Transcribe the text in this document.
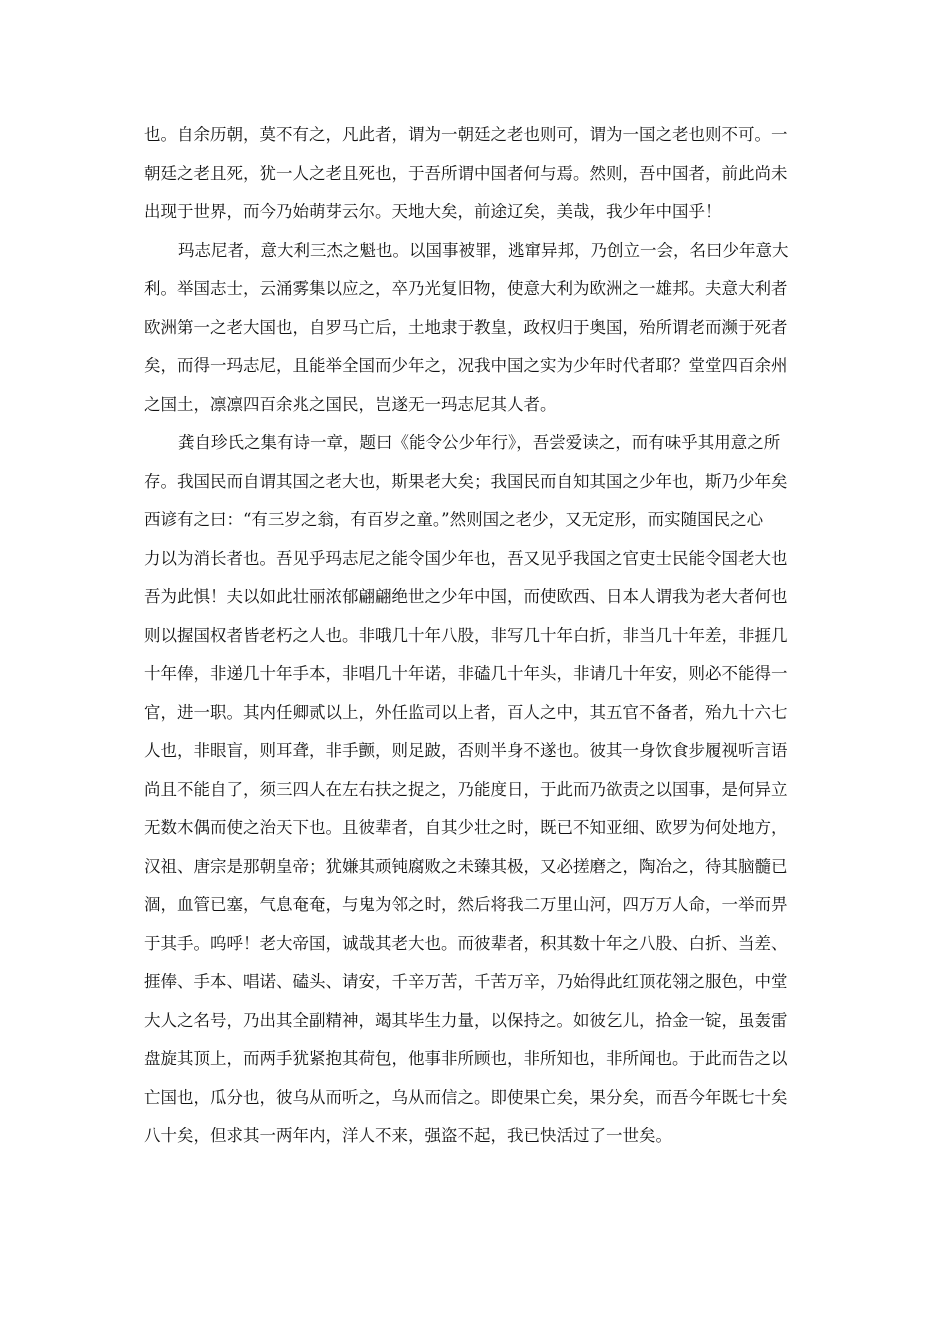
也。自余历朝，莫不有之，凡此者，谓为一朝廷之老也则可，谓为一国之老也则不可。一
朝廷之老且死，犹一人之老且死也，于吾所谓中国者何与焉。然则，吾中国者，前此尚未
出现于世界，而今乃始萌芽云尔。天地大矣，前途辽矣，美哉，我少年中国乎！

玛志尼者，意大利三杰之魁也。以国事被罪，逃窜异邦，乃创立一会，名曰少年意大
利。举国志士，云涌雾集以应之，卒乃光复旧物，使意大利为欧洲之一雄邦。夫意大利者
欧洲第一之老大国也，自罗马亡后，土地隶于教皇，政权归于奥国，殆所谓老而濒于死者
矣，而得一玛志尼，且能举全国而少年之，况我中国之实为少年时代者耶？堂堂四百余州
之国土，凛凛四百余兆之国民，岂遂无一玛志尼其人者。

龚自珍氏之集有诗一章，题曰《能令公少年行》，吾尝爱读之，而有味乎其用意之所
存。我国民而自谓其国之老大也，斯果老大矣；我国民而自知其国之少年也，斯乃少年矣
西谚有之曰：“有三岁之翁，有百岁之童。”然则国之老少，又无定形，而实随国民之心
力以为消长者也。吾见乎玛志尼之能令国少年也，吾又见乎我国之官吏士民能令国老大也
吾为此惧！夫以如此壮丽浓郁翩翩绝世之少年中国，而使欧西、日本人谓我为老大者何也
则以握国权者皆老朽之人也。非哦几十年八股，非写几十年白折，非当几十年差，非捱几
十年俸，非递几十年手本，非唱几十年诺，非磕几十年头，非请几十年安，则必不能得一
官，进一职。其内任卿贰以上，外任监司以上者，百人之中，其五官不备者，殆九十六七
人也，非眼盲，则耳聋，非手颤，则足跛，否则半身不遂也。彼其一身饮食步履视听言语
尚且不能自了，须三四人在左右扶之捉之，乃能度日，于此而乃欲责之以国事，是何异立
无数木偶而使之治天下也。且彼辈者，自其少壮之时，既已不知亚细、欧罗为何处地方，
汉祖、唐宗是那朝皇帝；犹嫌其顽钝腐败之未臻其极，又必搓磨之，陶冶之，待其脑髓已
涸，血管已塞，气息奄奄，与鬼为邻之时，然后将我二万里山河，四万万人命，一举而畀
于其手。呜呼！老大帝国，诚哉其老大也。而彼辈者，积其数十年之八股、白折、当差、
捱俸、手本、唱诺、磕头、请安，千辛万苦，千苦万辛，乃始得此红顶花翎之服色，中堂
大人之名号，乃出其全副精神，竭其毕生力量，以保持之。如彼乞儿，拾金一锭，虽轰雷
盘旋其顶上，而两手犹紧抱其荷包，他事非所顾也，非所知也，非所闻也。于此而告之以
亡国也，瓜分也，彼乌从而听之，乌从而信之。即使果亡矣，果分矣，而吾今年既七十矣
八十矣，但求其一两年内，洋人不来，强盗不起，我已快活过了一世矣。
